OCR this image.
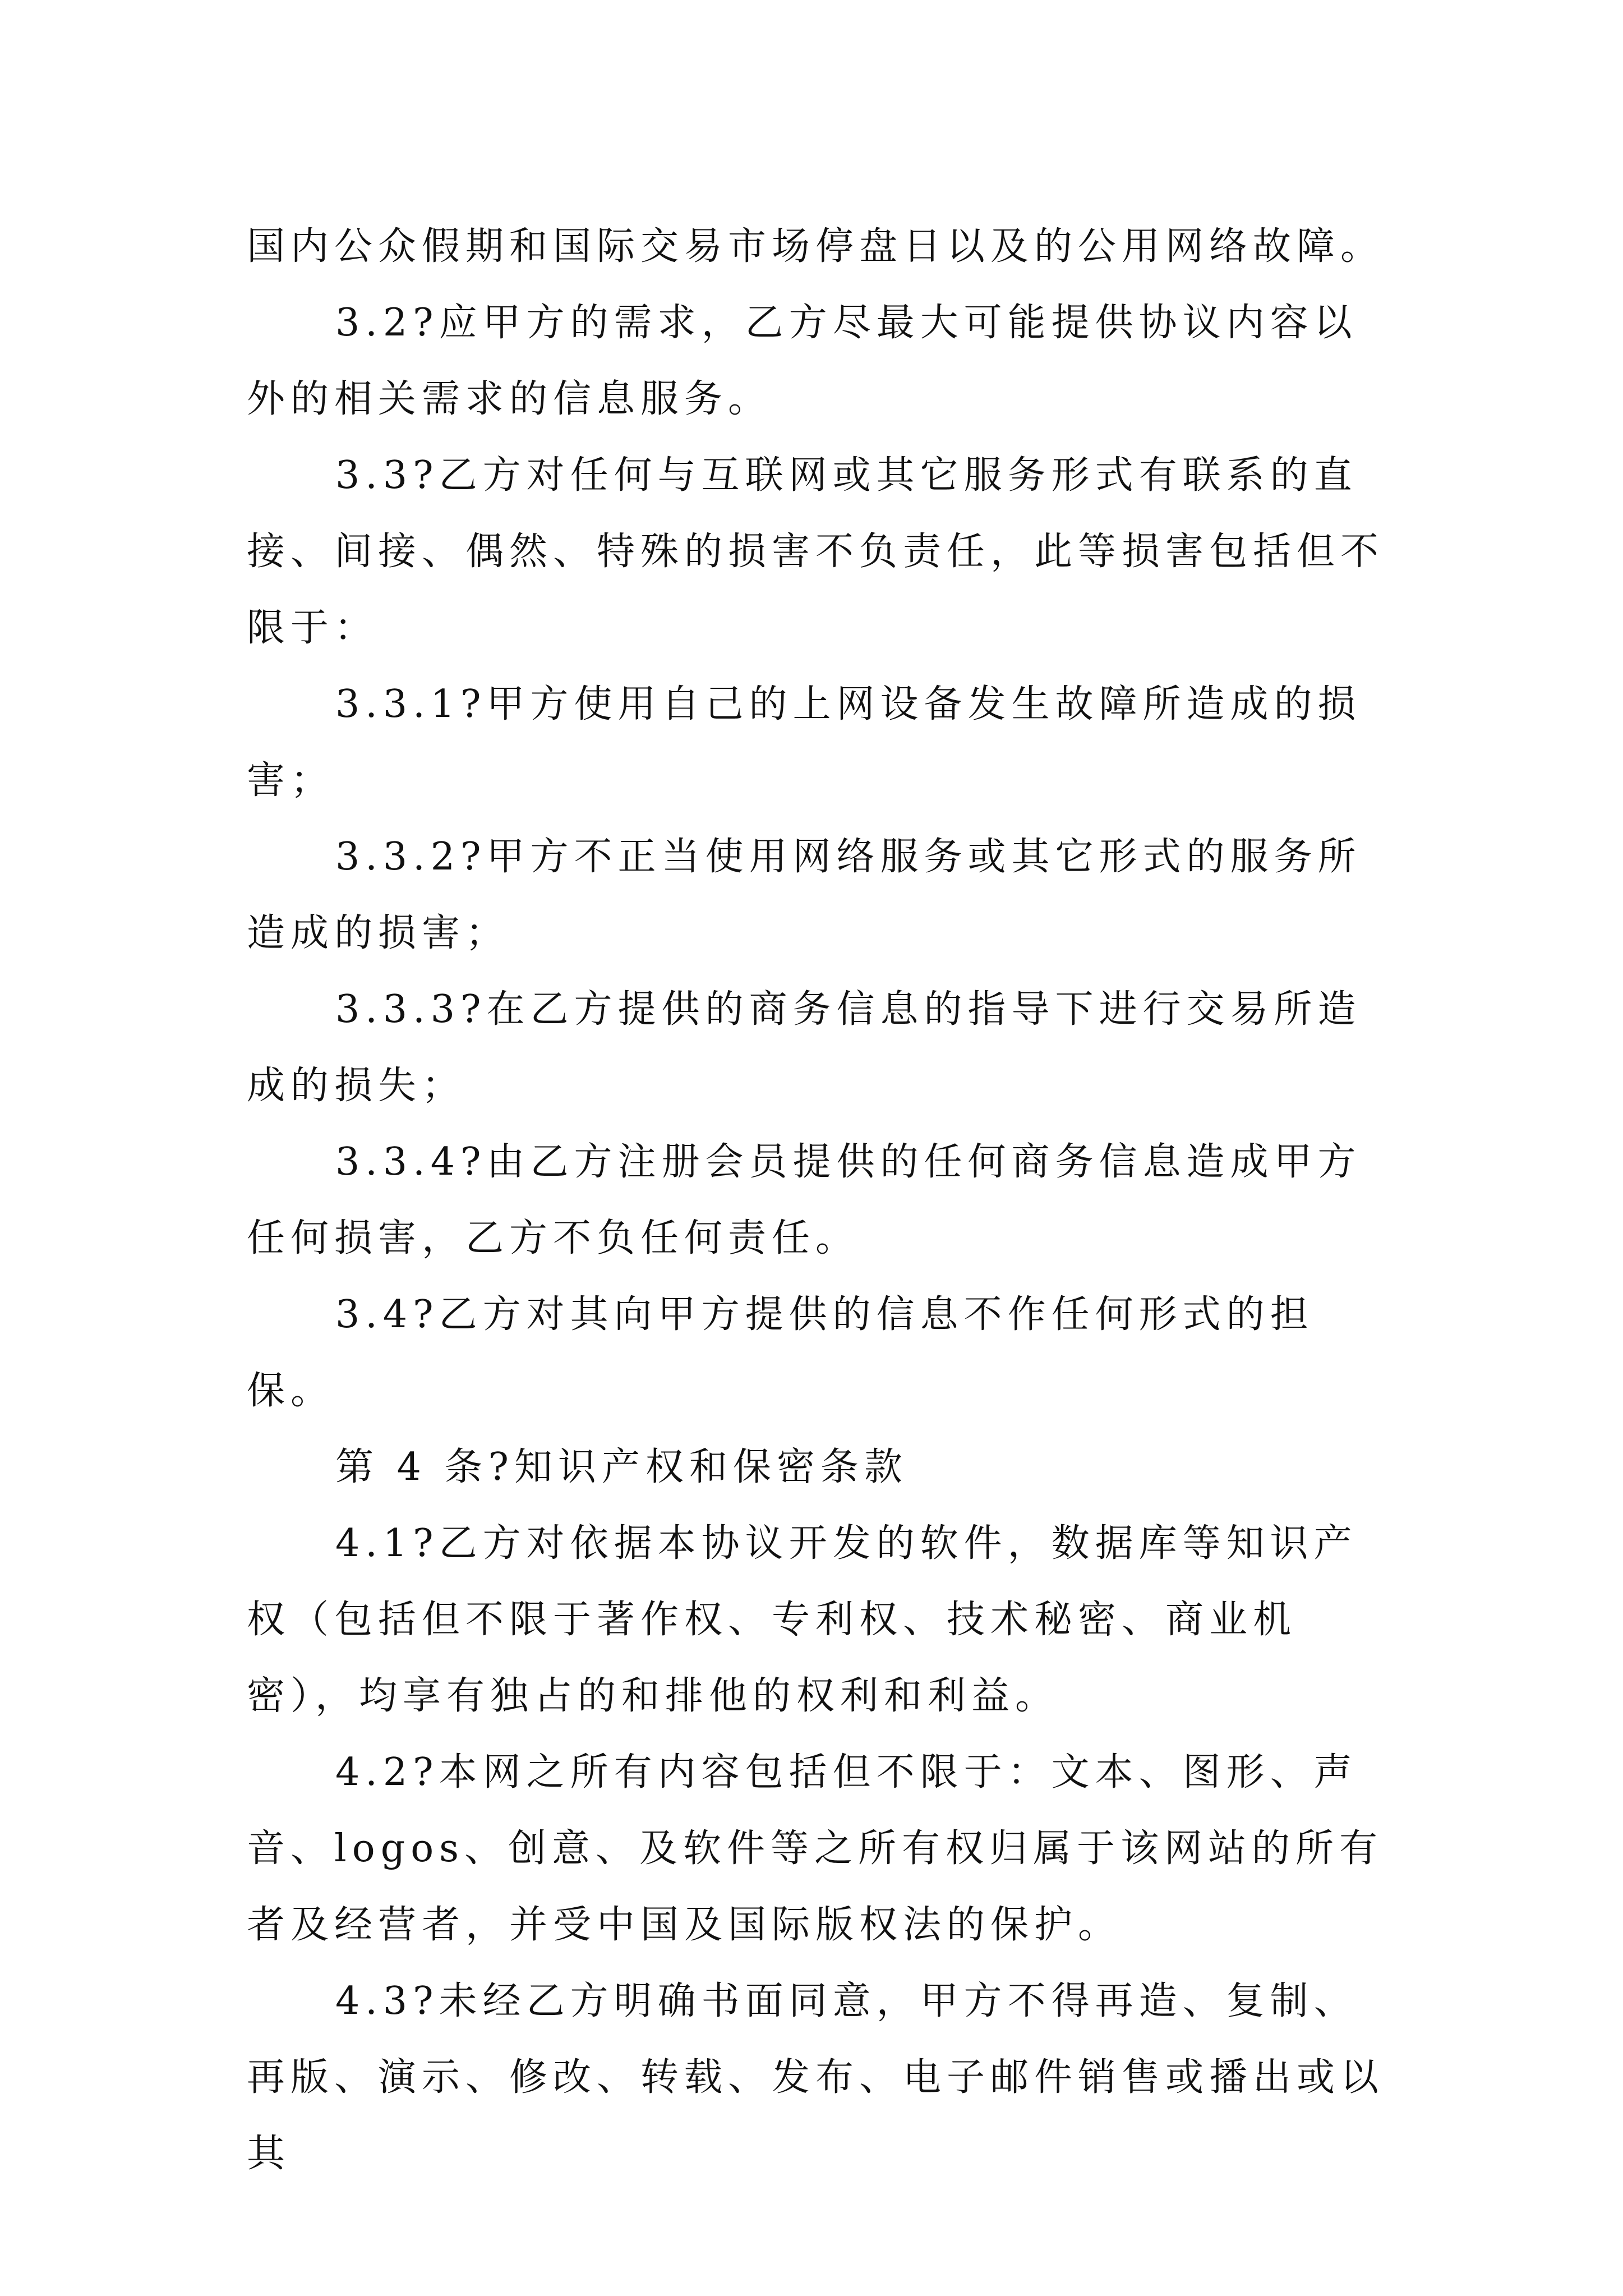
国内公众假期和国际交易市场停盘日以及的公用网络故障。

3.2?应甲方的需求，乙方尽最大可能提供协议内容以外的相关需求的信息服务。

3.3?乙方对任何与互联网或其它服务形式有联系的直接、间接、偶然、特殊的损害不负责任，此等损害包括但不限于：

3.3.1?甲方使用自己的上网设备发生故障所造成的损害；

3.3.2?甲方不正当使用网络服务或其它形式的服务所造成的损害；

3.3.3?在乙方提供的商务信息的指导下进行交易所造成的损失；

3.3.4?由乙方注册会员提供的任何商务信息造成甲方任何损害，乙方不负任何责任。

3.4?乙方对其向甲方提供的信息不作任何形式的担保。

第 4 条?知识产权和保密条款

4.1?乙方对依据本协议开发的软件，数据库等知识产权（包括但不限于著作权、专利权、技术秘密、商业机密），均享有独占的和排他的权利和利益。

4.2?本网之所有内容包括但不限于：文本、图形、声音、logos、创意、及软件等之所有权归属于该网站的所有者及经营者，并受中国及国际版权法的保护。

4.3?未经乙方明确书面同意，甲方不得再造、复制、再版、演示、修改、转载、发布、电子邮件销售或播出或以其
